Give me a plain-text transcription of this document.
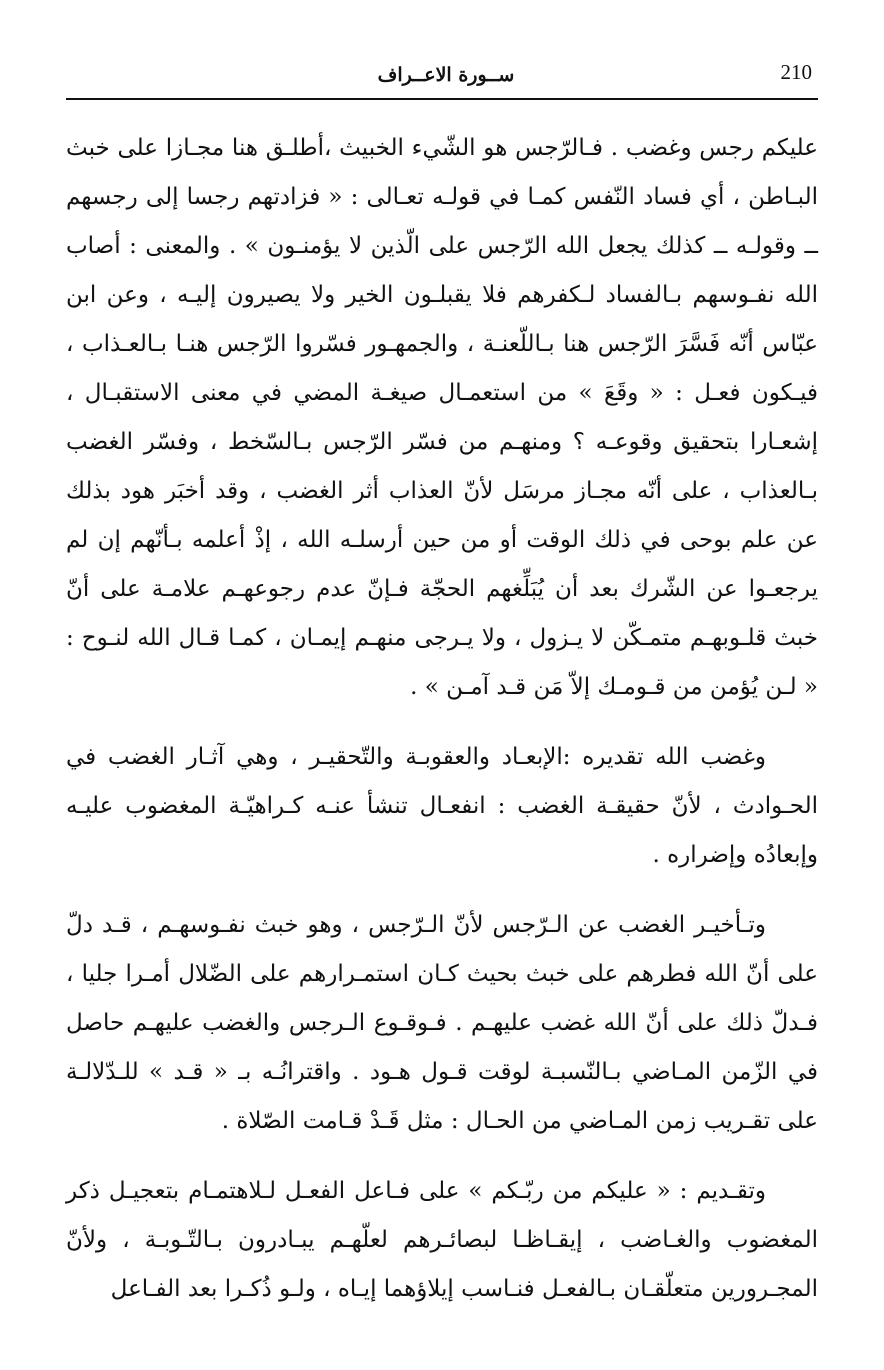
210
ســورة الاعــراف

عليكم رجس وغضب . فـالرّجس هو الشّيء الخبيث ،أطلـق هنا مجـازا على خبث البـاطن ، أي فساد النّفس كمـا في قولـه تعـالى : « فزادتهم رجسا إلى رجسهم ــ وقولـه ــ كذلك يجعل الله الرّجس على الّذين لا يؤمنـون » . والمعنى : أصاب الله نفـوسهم بـالفساد لـكفرهم فلا يقبلـون الخير ولا يصيرون إليـه ، وعن ابن عبّاس أنّه فَسَّرَ الرّجس هنا بـاللّعنـة ، والجمهـور فسّروا الرّجس هنـا بـالعـذاب ، فيـكون فعـل : « وقَعَ » من استعمـال صيغـة المضي في معنى الاستقبـال ، إشعـارا بتحقيق وقوعـه ؟ ومنهـم من فسّر الرّجس بـالسّخط ، وفسّر الغضب بـالعذاب ، على أنّه مجـاز مرسَل لأنّ العذاب أثر الغضب ، وقد أخبَر هود بذلك عن علم بوحى في ذلك الوقت أو من حين أرسلـه الله ، إذْ أعلمه بـأنّهم إن لم يرجعـوا عن الشّرك بعد أن يُبَلِّغهم الحجّة فـإنّ عدم رجوعهـم علامـة على أنّ خبث قلـوبهـم متمـكّن لا يـزول ، ولا يـرجى منهـم إيمـان ، كمـا قـال الله لنـوح : « لـن يُؤمن من قـومـك إلاّ مَن قـد آمـن » .

وغضب الله تقديره :الإبعـاد والعقوبـة والتّحقيـر ، وهي آثـار الغضب في الحـوادث ، لأنّ حقيقـة الغضب : انفعـال تنشأ عنـه كـراهيّـة المغضوب عليـه وإبعادُه وإضراره .

وتـأخيـر الغضب عن الـرّجس لأنّ الـرّجس ، وهو خبث نفـوسهـم ، قـد دلّ على أنّ الله فطرهم على خبث بحيث كـان استمـرارهم على الضّلال أمـرا جليا ، فـدلّ ذلك على أنّ الله غضب عليهـم . فـوقـوع الـرجس والغضب عليهـم حاصل في الزّمن المـاضي بـالنّسبـة لوقت قـول هـود . واقترانُـه بـ « قـد » للـدّلالـة على تقـريب زمن المـاضي من الحـال : مثل قَـدْ قـامت الصّلاة .

وتقـديم : « عليكم من ربّـكم » على فـاعل الفعـل لـلاهتمـام بتعجيـل ذكر المغضوب والغـاضب ، إيقـاظـا لبصائـرهم لعلّهـم يبـادرون بـالتّـوبـة ، ولأنّ المجـرورين متعلّقـان بـالفعـل فنـاسب إيلاؤهما إيـاه ، ولـو ذُكـرا بعد الفـاعل
